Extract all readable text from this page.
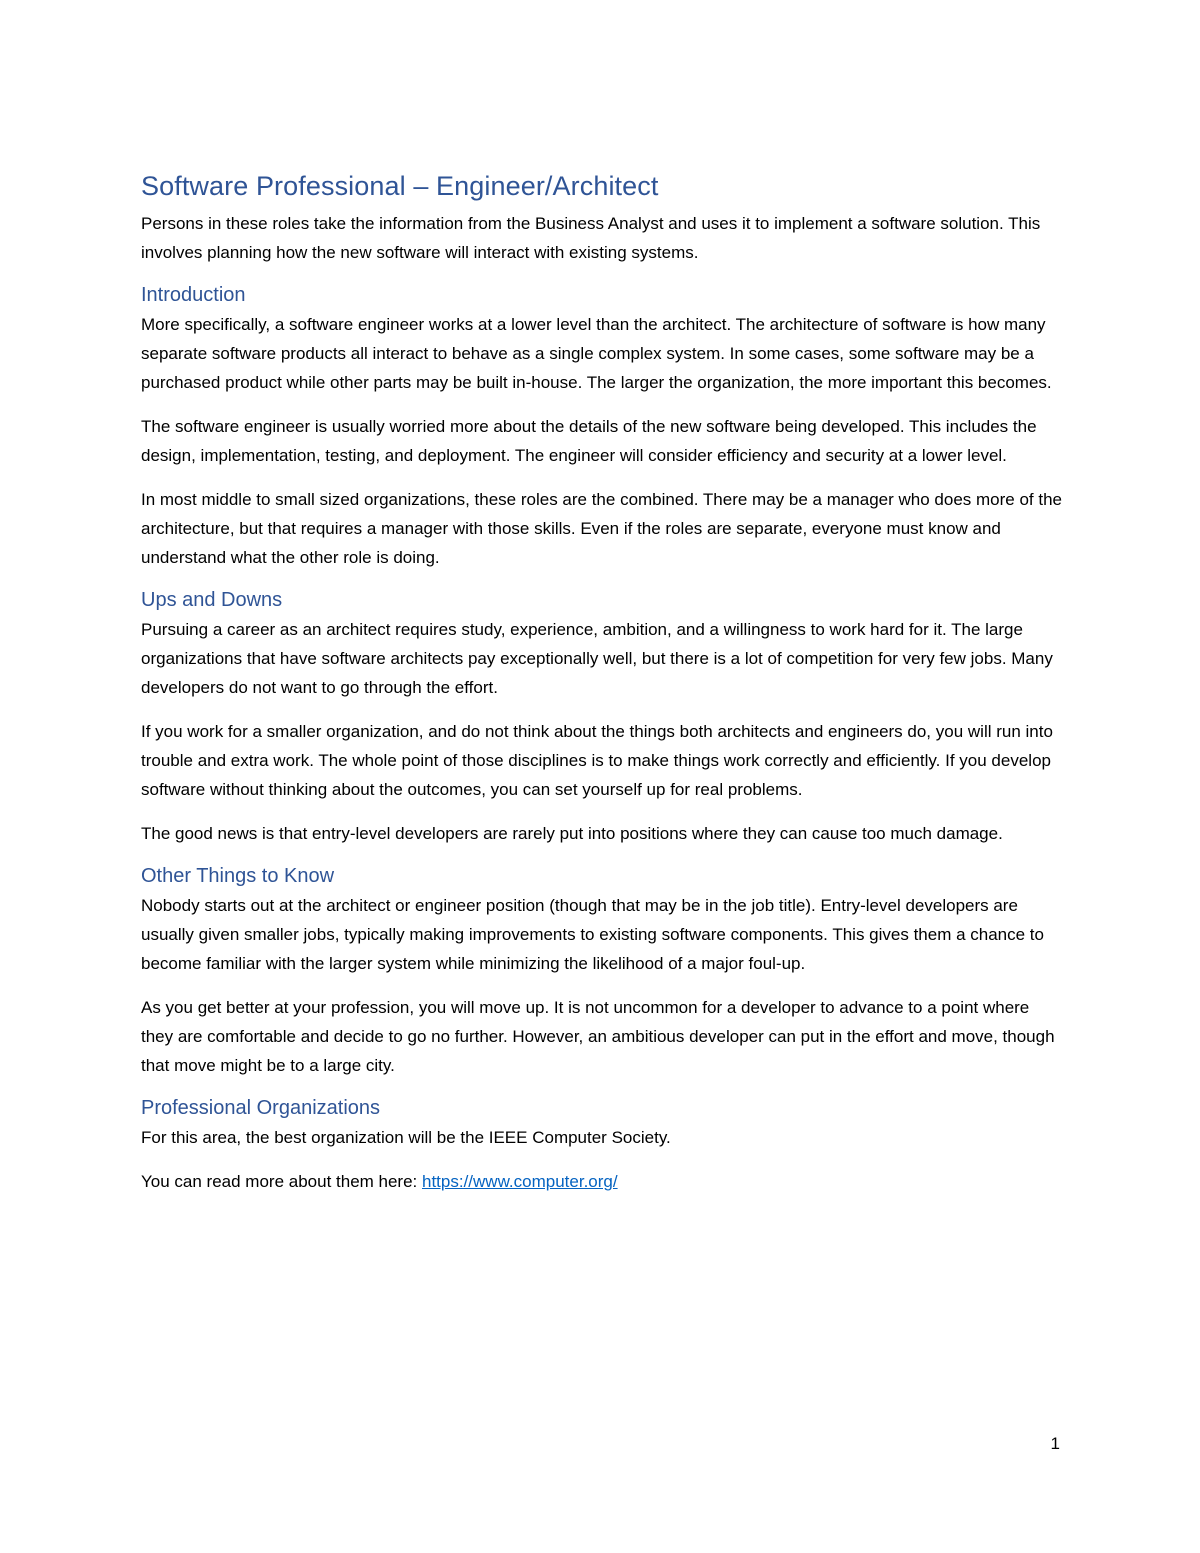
Software Professional – Engineer/Architect

Persons in these roles take the information from the Business Analyst and uses it to implement a software solution. This involves planning how the new software will interact with existing systems.

Introduction

More specifically, a software engineer works at a lower level than the architect. The architecture of software is how many separate software products all interact to behave as a single complex system. In some cases, some software may be a purchased product while other parts may be built in-house. The larger the organization, the more important this becomes.

The software engineer is usually worried more about the details of the new software being developed. This includes the design, implementation, testing, and deployment. The engineer will consider efficiency and security at a lower level.

In most middle to small sized organizations, these roles are the combined. There may be a manager who does more of the architecture, but that requires a manager with those skills. Even if the roles are separate, everyone must know and understand what the other role is doing.

Ups and Downs

Pursuing a career as an architect requires study, experience, ambition, and a willingness to work hard for it. The large organizations that have software architects pay exceptionally well, but there is a lot of competition for very few jobs. Many developers do not want to go through the effort.

If you work for a smaller organization, and do not think about the things both architects and engineers do, you will run into trouble and extra work. The whole point of those disciplines is to make things work correctly and efficiently. If you develop software without thinking about the outcomes, you can set yourself up for real problems.

The good news is that entry-level developers are rarely put into positions where they can cause too much damage.

Other Things to Know

Nobody starts out at the architect or engineer position (though that may be in the job title). Entry-level developers are usually given smaller jobs, typically making improvements to existing software components. This gives them a chance to become familiar with the larger system while minimizing the likelihood of a major foul-up.

As you get better at your profession, you will move up. It is not uncommon for a developer to advance to a point where they are comfortable and decide to go no further. However, an ambitious developer can put in the effort and move, though that move might be to a large city.

Professional Organizations

For this area, the best organization will be the IEEE Computer Society.

You can read more about them here: https://www.computer.org/

1
